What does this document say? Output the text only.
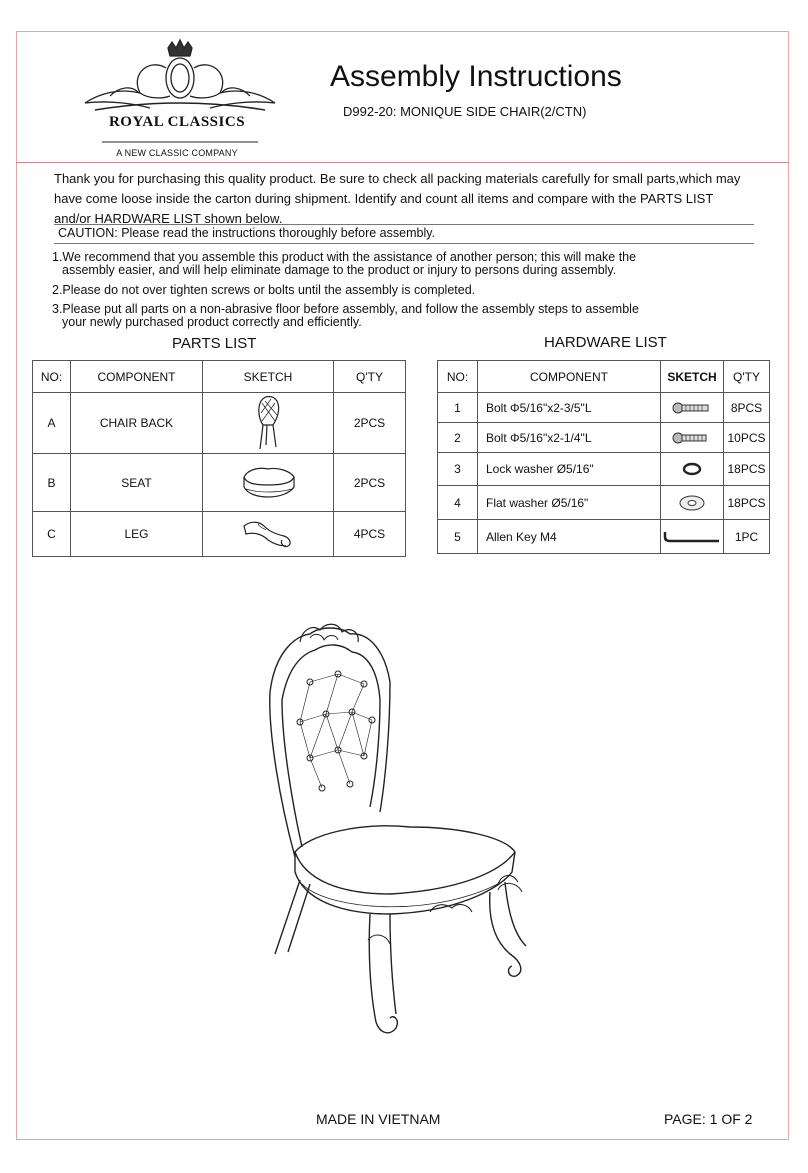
ROYAL CLASSICS
A NEW CLASSIC COMPANY
Assembly Instructions
D992-20: MONIQUE SIDE CHAIR(2/CTN)
Thank you for purchasing this quality product. Be sure to check all packing materials carefully for small parts,which may have come loose inside the carton during shipment. Identify and count all items and compare with the PARTS LIST and/or HARDWARE LIST shown below.
CAUTION: Please read the instructions thoroughly before assembly.
1.We recommend that you assemble this product with the assistance of another person; this will make the
assembly easier, and will help eliminate damage to the product or injury to persons during assembly.
2.Please do not over tighten screws or bolts until the assembly is completed.
3.Please put all parts on a non-abrasive floor before assembly, and follow the assembly steps to assemble
your newly purchased product correctly and efficiently.
PARTS LIST	HARDWARE LIST
NO:	COMPONENT	SKETCH	Q'TY
A	CHAIR BACK		2PCS
B	SEAT		2PCS
C	LEG		4PCS
NO:	COMPONENT	SKETCH	Q'TY
1	Bolt Φ5/16"x2-3/5"L		8PCS
2	Bolt Φ5/16"x2-1/4"L		10PCS
3	Lock washer Ø5/16"		18PCS
4	Flat washer Ø5/16"		18PCS
5	Allen Key M4		1PC
MADE IN VIETNAM	PAGE: 1 OF 2
